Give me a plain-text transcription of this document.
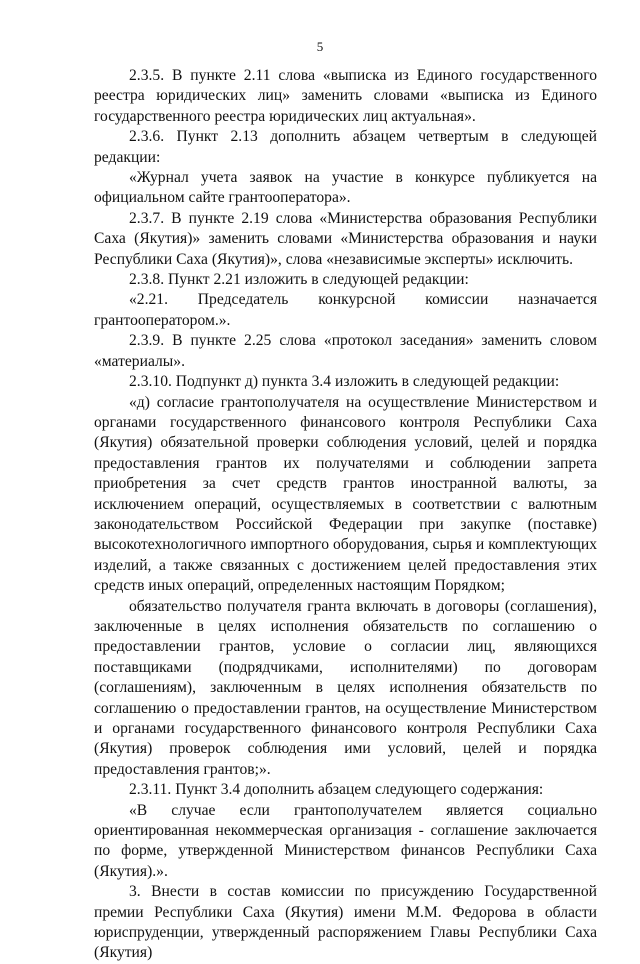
5

2.3.5. В пункте 2.11 слова «выписка из Единого государственного реестра юридических лиц» заменить словами «выписка из Единого государственного реестра юридических лиц актуальная».

2.3.6. Пункт 2.13 дополнить абзацем четвертым в следующей редакции:

«Журнал учета заявок на участие в конкурсе публикуется на официальном сайте грантооператора».

2.3.7. В пункте 2.19 слова «Министерства образования Республики Саха (Якутия)» заменить словами «Министерства образования и науки Республики Саха (Якутия)», слова «независимые эксперты» исключить.

2.3.8. Пункт 2.21 изложить в следующей редакции:

«2.21. Председатель конкурсной комиссии назначается грантооператором.».

2.3.9. В пункте 2.25 слова «протокол заседания» заменить словом «материалы».

2.3.10. Подпункт д) пункта 3.4 изложить в следующей редакции:

«д) согласие грантополучателя на осуществление Министерством и органами государственного финансового контроля Республики Саха (Якутия) обязательной проверки соблюдения условий, целей и порядка предоставления грантов их получателями и соблюдении запрета приобретения за счет средств грантов иностранной валюты, за исключением операций, осуществляемых в соответствии с валютным законодательством Российской Федерации при закупке (поставке) высокотехнологичного импортного оборудования, сырья и комплектующих изделий, а также связанных с достижением целей предоставления этих средств иных операций, определенных настоящим Порядком;

обязательство получателя гранта включать в договоры (соглашения), заключенные в целях исполнения обязательств по соглашению о предоставлении грантов, условие о согласии лиц, являющихся поставщиками (подрядчиками, исполнителями) по договорам (соглашениям), заключенным в целях исполнения обязательств по соглашению о предоставлении грантов, на осуществление Министерством и органами государственного финансового контроля Республики Саха (Якутия) проверок соблюдения ими условий, целей и порядка предоставления грантов;».

2.3.11. Пункт 3.4 дополнить абзацем следующего содержания:

«В случае если грантополучателем является социально ориентированная некоммерческая организация - соглашение заключается по форме, утвержденной Министерством финансов Республики Саха (Якутия).».

3. Внести в состав комиссии по присуждению Государственной премии Республики Саха (Якутия) имени М.М. Федорова в области юриспруденции, утвержденный распоряжением Главы Республики Саха (Якутия)
